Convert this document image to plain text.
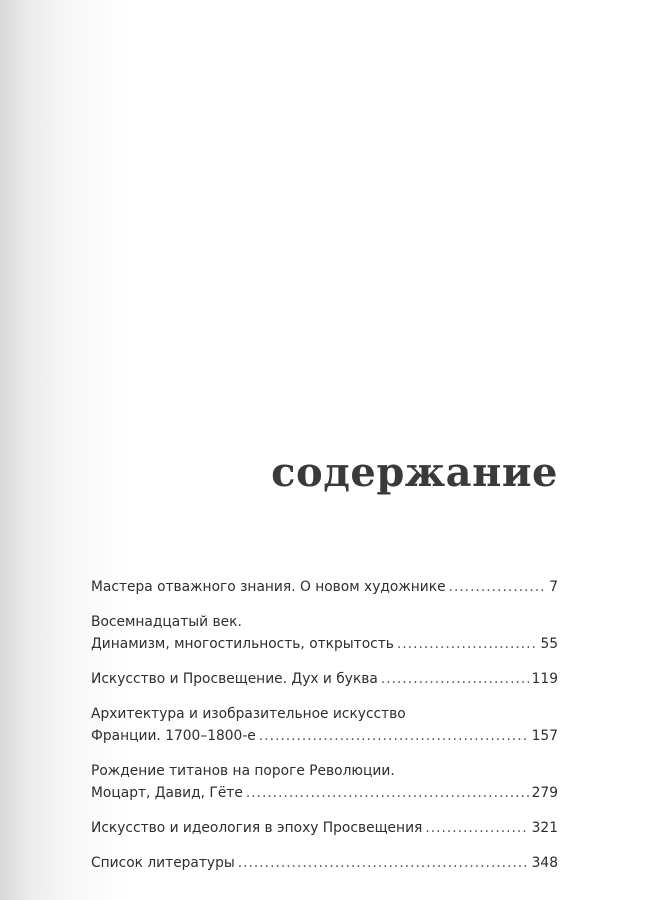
содержание
Мастера отважного знания. О новом художнике .....	7
Восемнадцатый век.
Динамизм, многостильность, открытость .....	55
Искусство и Просвещение. Дух и буква .....	119
Архитектура и изобразительное искусство
Франции. 1700–1800-е .....	157
Рождение титанов на пороге Революции.
Моцарт, Давид, Гёте .....	279
Искусство и идеология в эпоху Просвещения .....	321
Список литературы .....	348
